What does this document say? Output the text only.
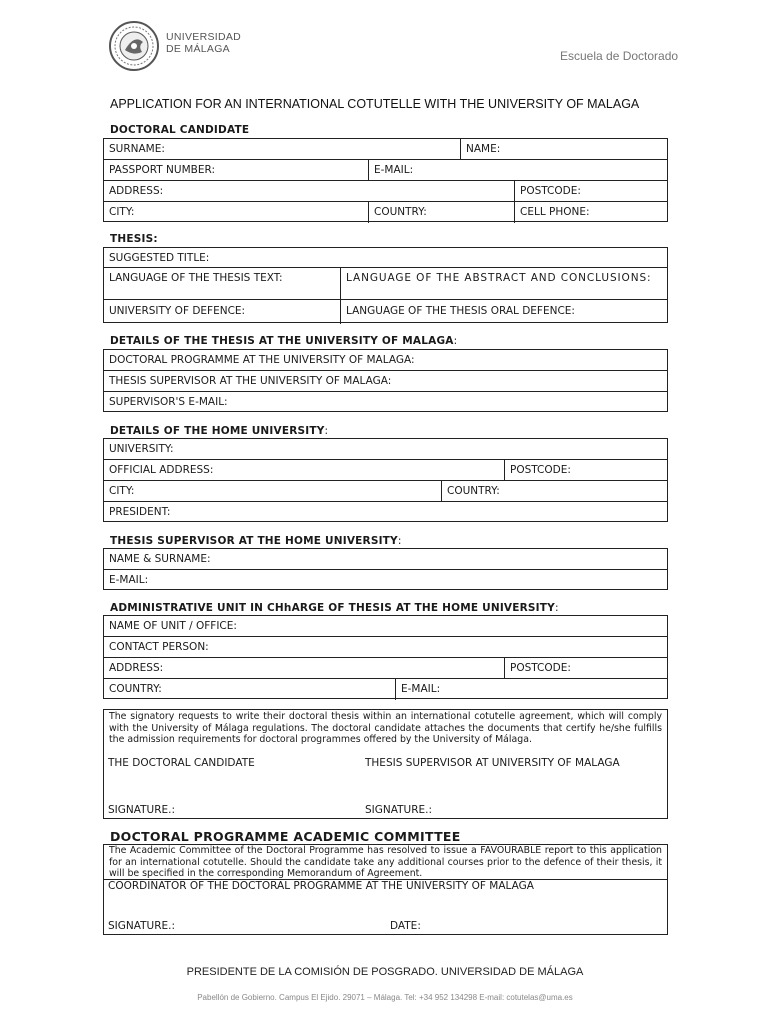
UNIVERSIDAD
DE MÁLAGA	Escuela de Doctorado
APPLICATION FOR AN INTERNATIONAL COTUTELLE WITH THE UNIVERSITY OF MALAGA
DOCTORAL CANDIDATE
SURNAME:	NAME:
PASSPORT NUMBER:	E-MAIL:
ADDRESS:	POSTCODE:
CITY:	COUNTRY:	CELL PHONE:
THESIS:
SUGGESTED TITLE:
LANGUAGE OF THE THESIS TEXT:	LANGUAGE OF THE ABSTRACT AND CONCLUSIONS:
UNIVERSITY OF DEFENCE:	LANGUAGE OF THE THESIS ORAL DEFENCE:
DETAILS OF THE THESIS AT THE UNIVERSITY OF MALAGA:
DOCTORAL PROGRAMME AT THE UNIVERSITY OF MALAGA:
THESIS SUPERVISOR AT THE UNIVERSITY OF MALAGA:
SUPERVISOR'S E-MAIL:
DETAILS OF THE HOME UNIVERSITY:
UNIVERSITY:
OFFICIAL ADDRESS:	POSTCODE:
CITY:	COUNTRY:
PRESIDENT:
THESIS SUPERVISOR AT THE HOME UNIVERSITY:
NAME & SURNAME:
E-MAIL:
ADMINISTRATIVE UNIT IN CHhARGE OF THESIS AT THE HOME UNIVERSITY:
NAME OF UNIT / OFFICE:
CONTACT PERSON:
ADDRESS:	POSTCODE:
COUNTRY:	E-MAIL:
The signatory requests to write their doctoral thesis within an international cotutelle agreement, which will comply with the University of Málaga regulations. The doctoral candidate attaches the documents that certify he/she fulfills the admission requirements for doctoral programmes offered by the University of Málaga.
THE DOCTORAL CANDIDATE	THESIS SUPERVISOR AT UNIVERSITY OF MALAGA
SIGNATURE.:	SIGNATURE.:
DOCTORAL PROGRAMME ACADEMIC COMMITTEE
The Academic Committee of the Doctoral Programme has resolved to issue a FAVOURABLE report to this application for an international cotutelle. Should the candidate take any additional courses prior to the defence of their thesis, it will be specified in the corresponding Memorandum of Agreement.
COORDINATOR OF THE DOCTORAL PROGRAMME AT THE UNIVERSITY OF MALAGA
SIGNATURE.:	DATE:
PRESIDENTE DE LA COMISIÓN DE POSGRADO. UNIVERSIDAD DE MÁLAGA
Pabellón de Gobierno. Campus El Ejido. 29071 – Málaga. Tel: +34 952 134298 E-mail: cotutelas@uma.es
